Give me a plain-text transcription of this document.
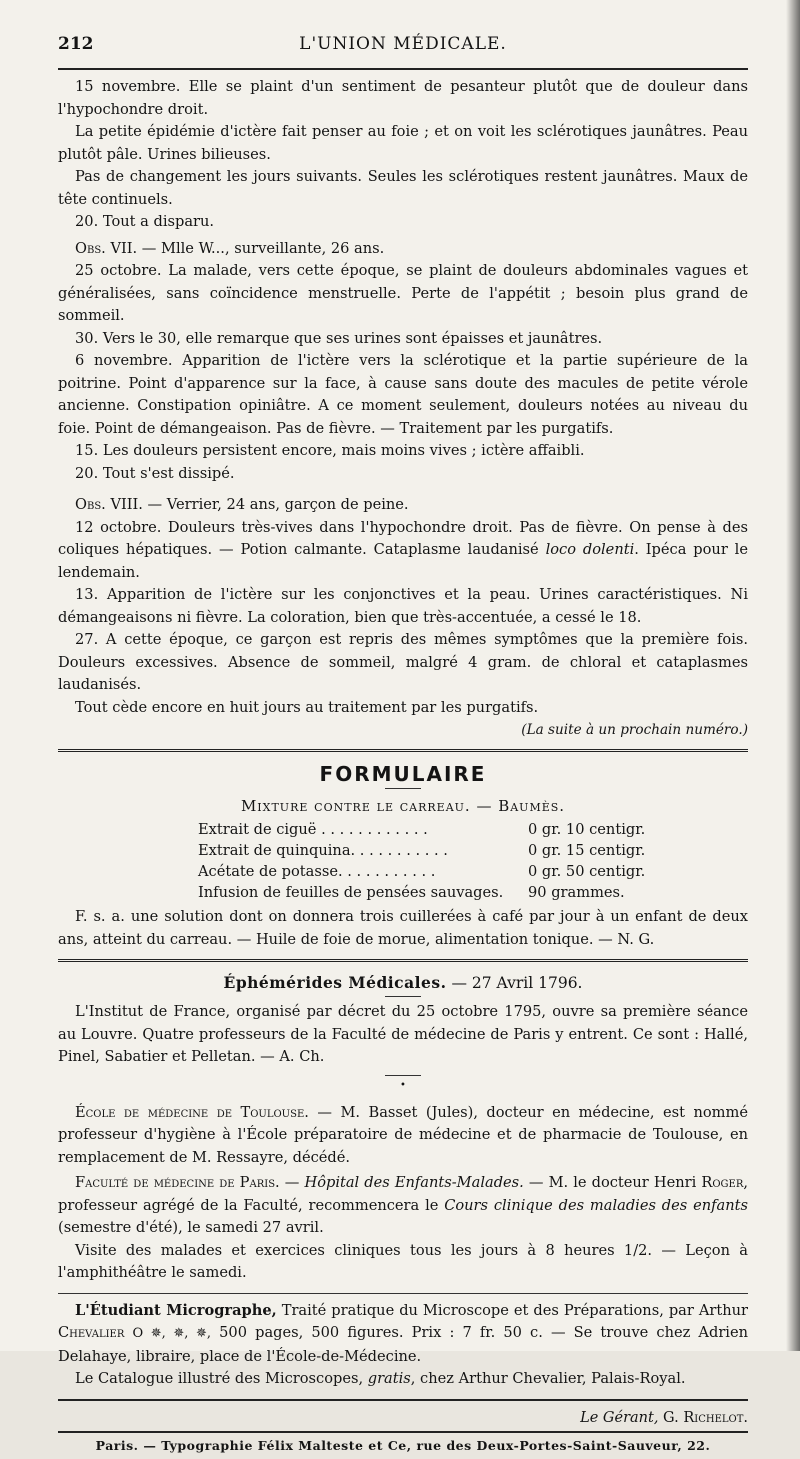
212	L'UNION MÉDICALE.

15 novembre. Elle se plaint d'un sentiment de pesanteur plutôt que de douleur dans l'hypochondre droit.

La petite épidémie d'ictère fait penser au foie ; et on voit les sclérotiques jaunâtres. Peau plutôt pâle. Urines bilieuses.

Pas de changement les jours suivants. Seules les sclérotiques restent jaunâtres. Maux de tête continuels.

20. Tout a disparu.

Obs. VII. — Mlle W..., surveillante, 26 ans.

25 octobre. La malade, vers cette époque, se plaint de douleurs abdominales vagues et généralisées, sans coïncidence menstruelle. Perte de l'appétit ; besoin plus grand de sommeil.

30. Vers le 30, elle remarque que ses urines sont épaisses et jaunâtres.

6 novembre. Apparition de l'ictère vers la sclérotique et la partie supérieure de la poitrine. Point d'apparence sur la face, à cause sans doute des macules de petite vérole ancienne. Constipation opiniâtre. A ce moment seulement, douleurs notées au niveau du foie. Point de démangeaison. Pas de fièvre. — Traitement par les purgatifs.

15. Les douleurs persistent encore, mais moins vives ; ictère affaibli.

20. Tout s'est dissipé.

Obs. VIII. — Verrier, 24 ans, garçon de peine.

12 octobre. Douleurs très-vives dans l'hypochondre droit. Pas de fièvre. On pense à des coliques hépatiques. — Potion calmante. Cataplasme laudanisé loco dolenti. Ipéca pour le lendemain.

13. Apparition de l'ictère sur les conjonctives et la peau. Urines caractéristiques. Ni démangeaisons ni fièvre. La coloration, bien que très-accentuée, a cessé le 18.

27. A cette époque, ce garçon est repris des mêmes symptômes que la première fois. Douleurs excessives. Absence de sommeil, malgré 4 gram. de chloral et cataplasmes laudanisés.

Tout cède encore en huit jours au traitement par les purgatifs.

(La suite à un prochain numéro.)
FORMULAIRE
Mixture contre le carreau. — Baumès.
Extrait de ciguë . . . . . . . . . . . .	0 gr. 10 centigr.
Extrait de quinquina. . . . . . . . . . .	0 gr. 15 centigr.
Acétate de potasse. . . . . . . . . . .	0 gr. 50 centigr.
Infusion de feuilles de pensées sauvages.	90 grammes.

F. s. a. une solution dont on donnera trois cuillerées à café par jour à un enfant de deux ans, atteint du carreau. — Huile de foie de morue, alimentation tonique. — N. G.

Éphémérides Médicales. — 27 Avril 1796.

L'Institut de France, organisé par décret du 25 octobre 1795, ouvre sa première séance au Louvre. Quatre professeurs de la Faculté de médecine de Paris y entrent. Ce sont : Hallé, Pinel, Sabatier et Pelletan. — A. Ch.

•

École de médecine de Toulouse. — M. Basset (Jules), docteur en médecine, est nommé professeur d'hygiène à l'École préparatoire de médecine et de pharmacie de Toulouse, en remplacement de M. Ressayre, décédé.

Faculté de médecine de Paris. — Hôpital des Enfants-Malades. — M. le docteur Henri Roger, professeur agrégé de la Faculté, recommencera le Cours clinique des maladies des enfants (semestre d'été), le samedi 27 avril.

Visite des malades et exercices cliniques tous les jours à 8 heures 1/2. — Leçon à l'amphithéâtre le samedi.

L'Étudiant Micrographe, Traité pratique du Microscope et des Préparations, par Arthur Chevalier O ✵, ✵, ✵, 500 pages, 500 figures. Prix : 7 fr. 50 c. — Se trouve chez Adrien Delahaye, libraire, place de l'École-de-Médecine.

Le Catalogue illustré des Microscopes, gratis, chez Arthur Chevalier, Palais-Royal.

Le Gérant, G. Richelot.
Paris. — Typographie Félix Malteste et Ce, rue des Deux-Portes-Saint-Sauveur, 22.
